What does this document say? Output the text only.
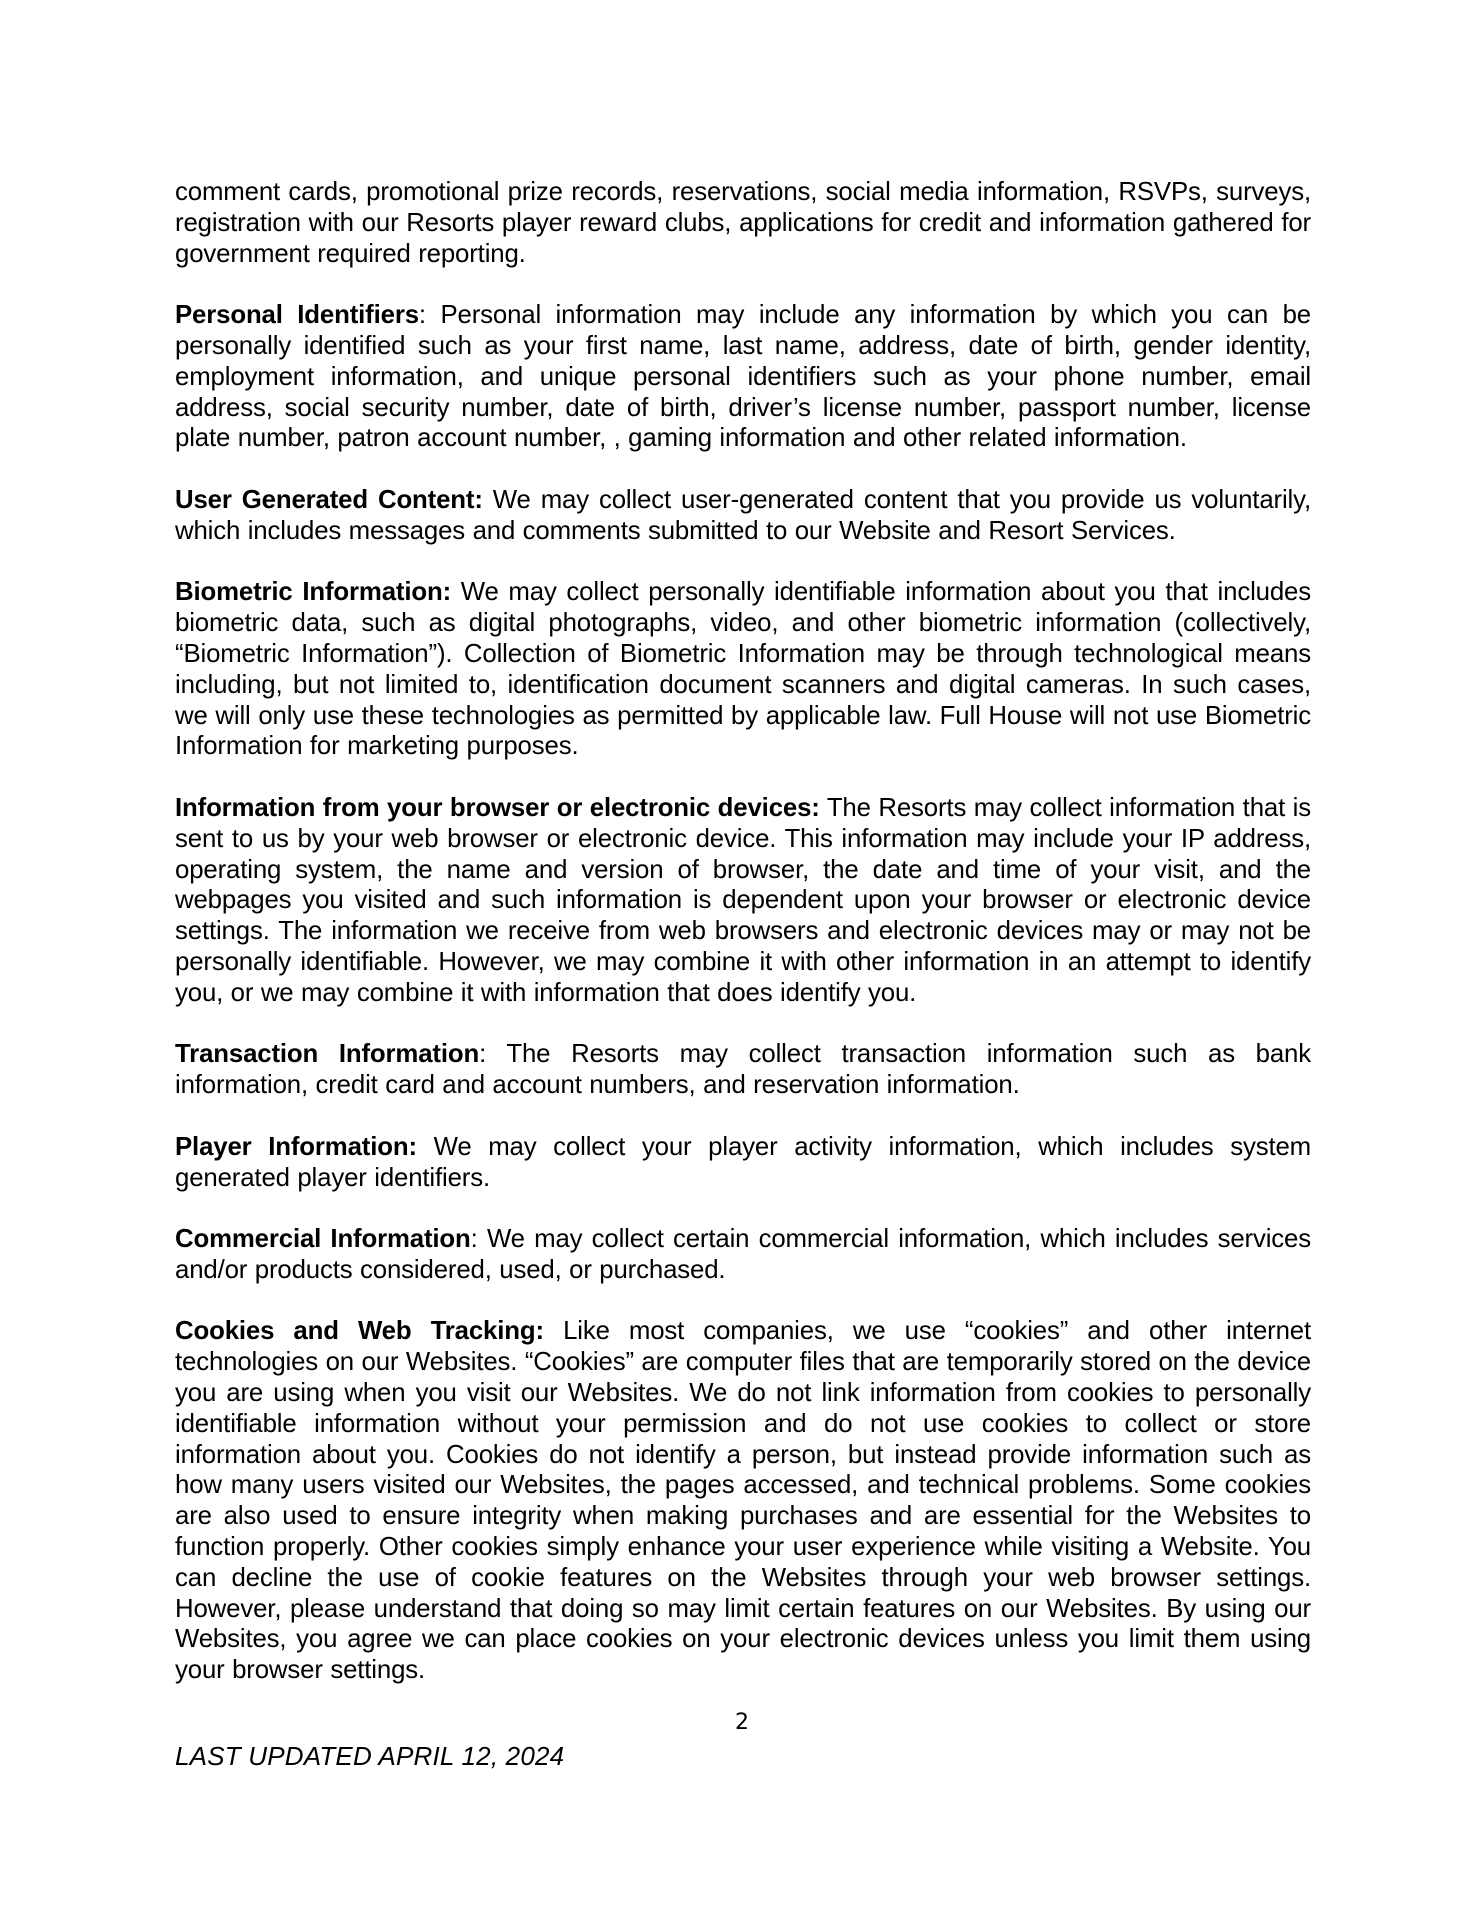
comment cards, promotional prize records, reservations, social media information, RSVPs, surveys, registration with our Resorts player reward clubs, applications for credit and information gathered for government required reporting.

Personal Identifiers: Personal information may include any information by which you can be personally identified such as your first name, last name, address, date of birth, gender identity, employment information, and unique personal identifiers such as your phone number, email address, social security number, date of birth, driver’s license number, passport number, license plate number, patron account number, , gaming information and other related information.

User Generated Content: We may collect user-generated content that you provide us voluntarily, which includes messages and comments submitted to our Website and Resort Services.

Biometric Information: We may collect personally identifiable information about you that includes biometric data, such as digital photographs, video, and other biometric information (collectively, “Biometric Information”). Collection of Biometric Information may be through technological means including, but not limited to, identification document scanners and digital cameras. In such cases, we will only use these technologies as permitted by applicable law. Full House will not use Biometric Information for marketing purposes.

Information from your browser or electronic devices: The Resorts may collect information that is sent to us by your web browser or electronic device. This information may include your IP address, operating system, the name and version of browser, the date and time of your visit, and the webpages you visited and such information is dependent upon your browser or electronic device settings. The information we receive from web browsers and electronic devices may or may not be personally identifiable. However, we may combine it with other information in an attempt to identify you, or we may combine it with information that does identify you.

Transaction Information: The Resorts may collect transaction information such as bank information, credit card and account numbers, and reservation information.

Player Information: We may collect your player activity information, which includes system generated player identifiers.

Commercial Information: We may collect certain commercial information, which includes services and/or products considered, used, or purchased.

Cookies and Web Tracking: Like most companies, we use “cookies” and other internet technologies on our Websites. “Cookies” are computer files that are temporarily stored on the device you are using when you visit our Websites. We do not link information from cookies to personally identifiable information without your permission and do not use cookies to collect or store information about you. Cookies do not identify a person, but instead provide information such as how many users visited our Websites, the pages accessed, and technical problems. Some cookies are also used to ensure integrity when making purchases and are essential for the Websites to function properly. Other cookies simply enhance your user experience while visiting a Website. You can decline the use of cookie features on the Websites through your web browser settings. However, please understand that doing so may limit certain features on our Websites. By using our Websites, you agree we can place cookies on your electronic devices unless you limit them using your browser settings.

2
LAST UPDATED APRIL 12, 2024
